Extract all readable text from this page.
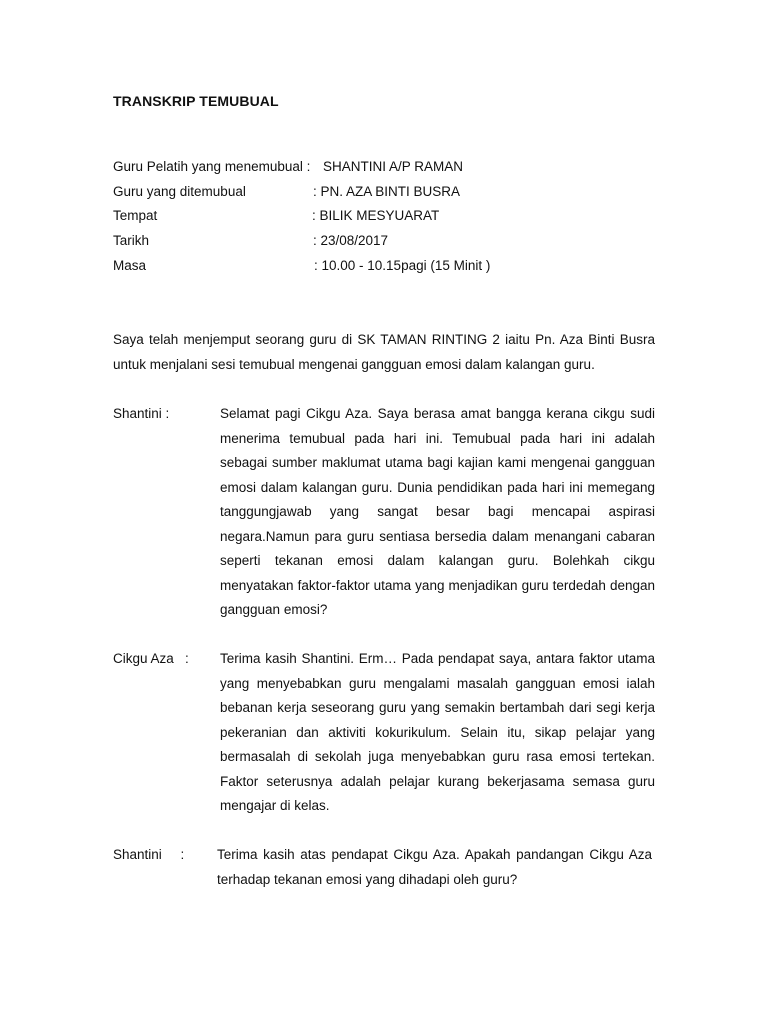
TRANSKRIP TEMUBUAL
Guru Pelatih yang menemubual : SHANTINI A/P RAMAN
Guru yang ditemubual	: PN. AZA BINTI BUSRA
Tempat	: BILIK MESYUARAT
Tarikh	: 23/08/2017
Masa	: 10.00 - 10.15pagi (15 Minit )
Saya telah menjemput seorang guru di SK TAMAN RINTING 2 iaitu Pn. Aza Binti Busra untuk menjalani sesi temubual mengenai gangguan emosi dalam kalangan guru.
Shantini :	Selamat pagi Cikgu Aza. Saya berasa amat bangga kerana cikgu sudi menerima temubual pada hari ini. Temubual pada hari ini adalah sebagai sumber maklumat utama bagi kajian kami mengenai gangguan emosi dalam kalangan guru. Dunia pendidikan pada hari ini memegang tanggungjawab yang sangat besar bagi mencapai aspirasi negara.Namun para guru sentiasa bersedia dalam menangani cabaran seperti tekanan emosi dalam kalangan guru. Bolehkah cikgu menyatakan faktor-faktor utama yang menjadikan guru terdedah dengan gangguan emosi?
Cikgu Aza   : Terima kasih Shantini. Erm… Pada pendapat saya, antara faktor utama yang menyebabkan guru mengalami masalah gangguan emosi ialah bebanan kerja seseorang guru yang semakin bertambah dari segi kerja pekeranian dan aktiviti kokurikulum. Selain itu, sikap pelajar yang bermasalah di sekolah juga menyebabkan guru rasa emosi tertekan. Faktor seterusnya adalah pelajar kurang bekerjasama semasa guru mengajar di kelas.
Shantini     : Terima kasih atas pendapat Cikgu Aza. Apakah pandangan Cikgu Aza terhadap tekanan emosi yang dihadapi oleh guru?
